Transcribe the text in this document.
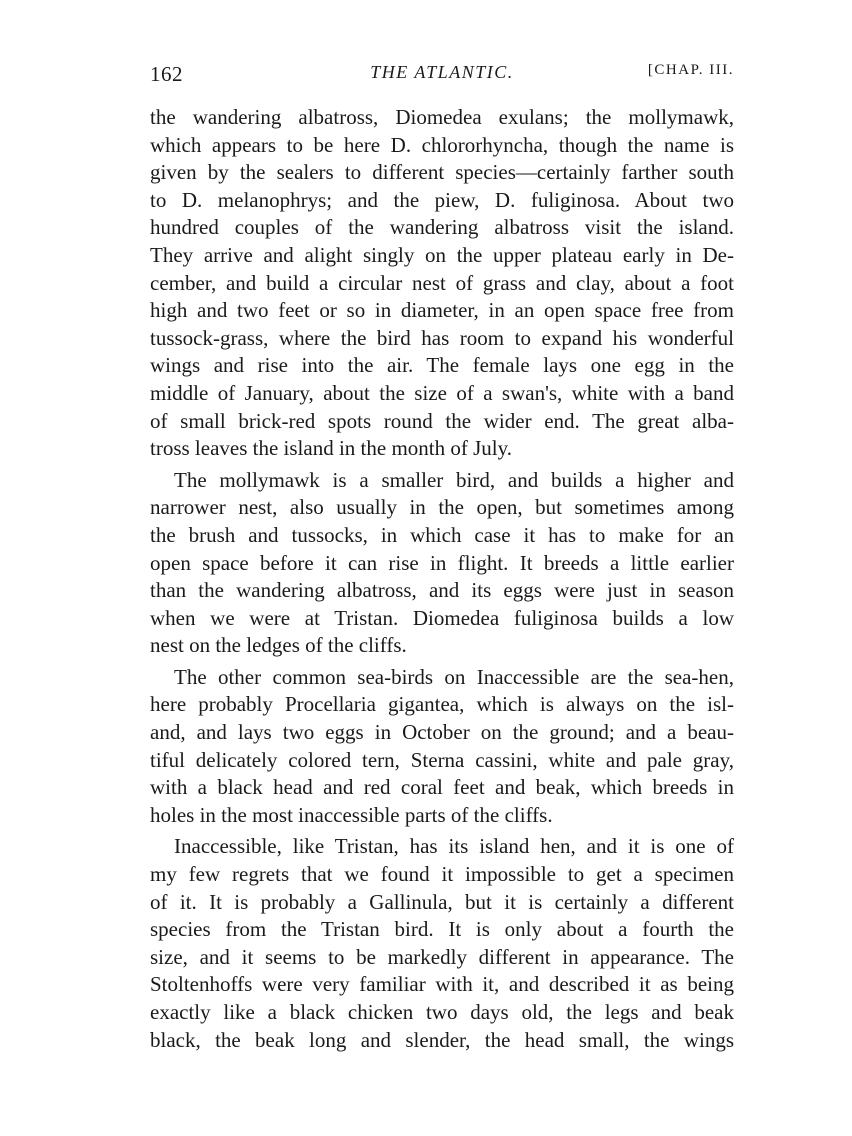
162	THE ATLANTIC.	[CHAP. III.
the wandering albatross, Diomedea exulans; the mollymawk,
which appears to be here D. chlororhyncha, though the name is
given by the sealers to different species—certainly farther south
to D. melanophrys; and the piew, D. fuliginosa. About two
hundred couples of the wandering albatross visit the island.
They arrive and alight singly on the upper plateau early in De-
cember, and build a circular nest of grass and clay, about a foot
high and two feet or so in diameter, in an open space free from
tussock-grass, where the bird has room to expand his wonderful
wings and rise into the air. The female lays one egg in the
middle of January, about the size of a swan's, white with a band
of small brick-red spots round the wider end. The great alba-
tross leaves the island in the month of July.
The mollymawk is a smaller bird, and builds a higher and
narrower nest, also usually in the open, but sometimes among
the brush and tussocks, in which case it has to make for an
open space before it can rise in flight. It breeds a little earlier
than the wandering albatross, and its eggs were just in season
when we were at Tristan. Diomedea fuliginosa builds a low
nest on the ledges of the cliffs.
The other common sea-birds on Inaccessible are the sea-hen,
here probably Procellaria gigantea, which is always on the isl-
and, and lays two eggs in October on the ground; and a beau-
tiful delicately colored tern, Sterna cassini, white and pale gray,
with a black head and red coral feet and beak, which breeds in
holes in the most inaccessible parts of the cliffs.
Inaccessible, like Tristan, has its island hen, and it is one of
my few regrets that we found it impossible to get a specimen
of it. It is probably a Gallinula, but it is certainly a different
species from the Tristan bird. It is only about a fourth the
size, and it seems to be markedly different in appearance. The
Stoltenhoffs were very familiar with it, and described it as being
exactly like a black chicken two days old, the legs and beak
black, the beak long and slender, the head small, the wings
